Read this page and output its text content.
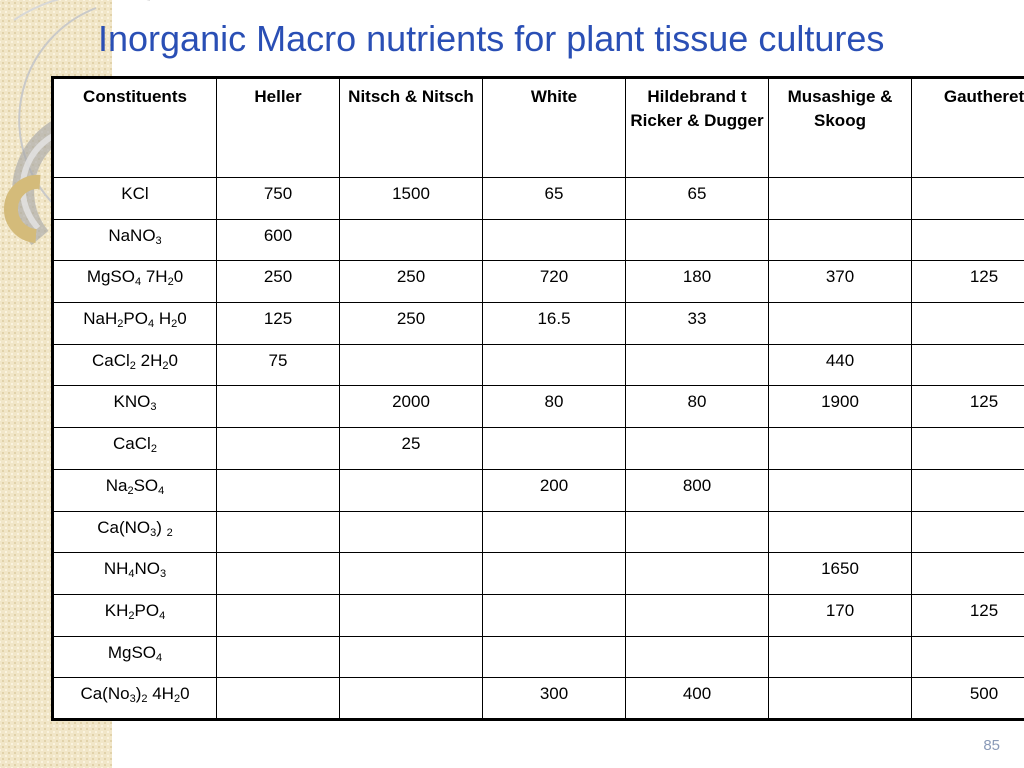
Inorganic Macro nutrients for plant tissue cultures
Constituents	Heller	Nitsch & Nitsch	White	Hildebrand t Ricker & Dugger	Musashige & Skoog	Gautheret
KCl	750	1500	65	65		
NaNO$_3$	600					
MgSO$_4$ $7H_20$	250	250	720	180	370	125
$NaH_2PO_4$ $H_20$	125	250	16.5	33		
CaCl$_2$ $2H_20$	75				440	
$KNO_3$		2000	80	80	1900	125
CaCl$_2$		25				
$Na_2SO_4$			200	800		
$Ca(NO_3)$ $_2$						
$NH_4NO_3$					1650	
$KH_2PO_4$					170	125
MgSO$_4$						
$Ca(No_3)_2$ $4H_20$			300	400		500
85
